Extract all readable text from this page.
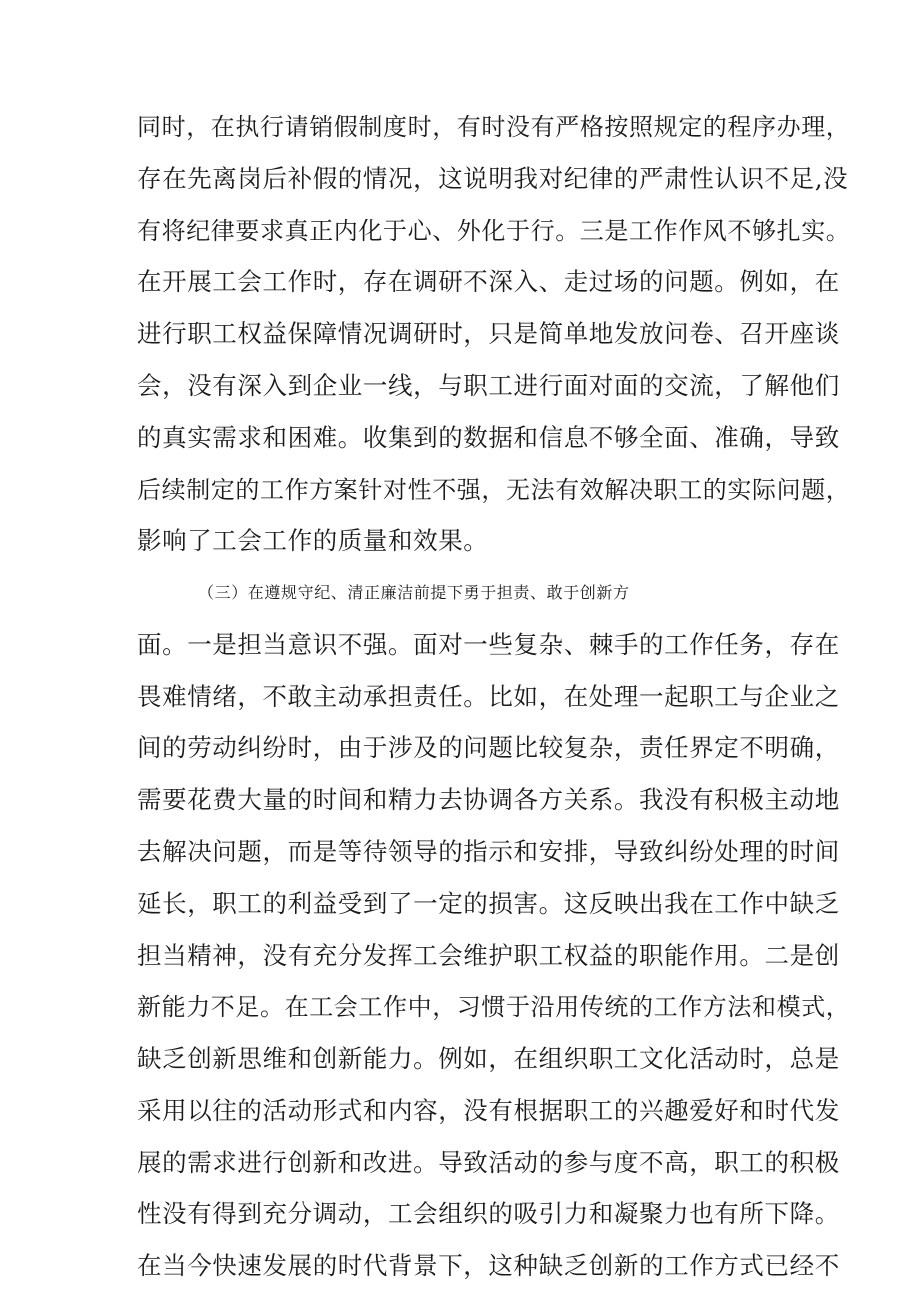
同时，在执行请销假制度时，有时没有严格按照规定的程序办理，
存在先离岗后补假的情况，这说明我对纪律的严肃性认识不足,没
有将纪律要求真正内化于心、外化于行。三是工作作风不够扎实。
在开展工会工作时，存在调研不深入、走过场的问题。例如，在
进行职工权益保障情况调研时，只是简单地发放问卷、召开座谈
会，没有深入到企业一线，与职工进行面对面的交流，了解他们
的真实需求和困难。收集到的数据和信息不够全面、准确，导致
后续制定的工作方案针对性不强，无法有效解决职工的实际问题，
影响了工会工作的质量和效果。
（三）在遵规守纪、清正廉洁前提下勇于担责、敢于创新方
面。一是担当意识不强。面对一些复杂、棘手的工作任务，存在
畏难情绪，不敢主动承担责任。比如，在处理一起职工与企业之
间的劳动纠纷时，由于涉及的问题比较复杂，责任界定不明确，
需要花费大量的时间和精力去协调各方关系。我没有积极主动地
去解决问题，而是等待领导的指示和安排，导致纠纷处理的时间
延长，职工的利益受到了一定的损害。这反映出我在工作中缺乏
担当精神，没有充分发挥工会维护职工权益的职能作用。二是创
新能力不足。在工会工作中，习惯于沿用传统的工作方法和模式，
缺乏创新思维和创新能力。例如，在组织职工文化活动时，总是
采用以往的活动形式和内容，没有根据职工的兴趣爱好和时代发
展的需求进行创新和改进。导致活动的参与度不高，职工的积极
性没有得到充分调动，工会组织的吸引力和凝聚力也有所下降。
在当今快速发展的时代背景下，这种缺乏创新的工作方式已经不
